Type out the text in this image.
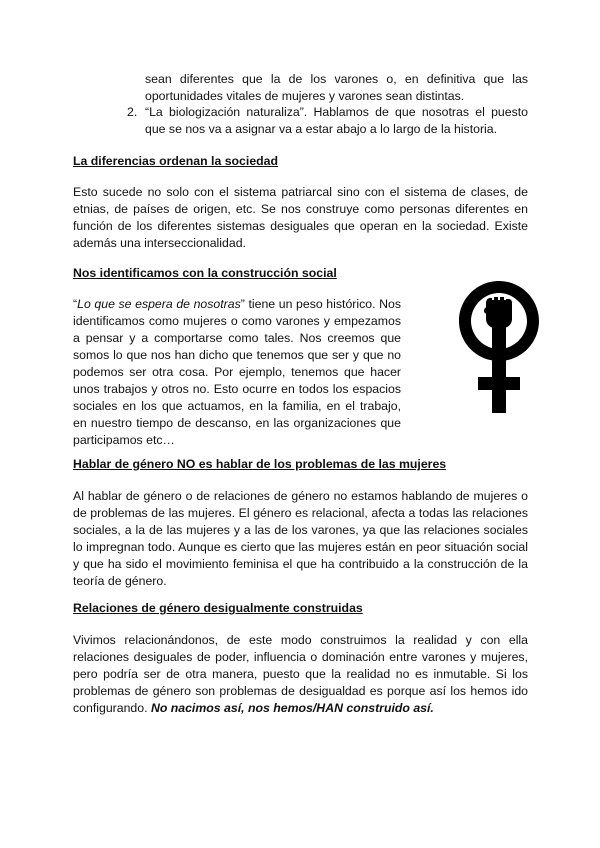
sean diferentes que la de los varones o, en definitiva que las oportunidades vitales de mujeres y varones sean distintas.

2. “La biologización naturaliza”. Hablamos de que nosotras el puesto que se nos va a asignar va a estar abajo a lo largo de la historia.

La diferencias ordenan la sociedad

Esto sucede no solo con el sistema patriarcal sino con el sistema de clases, de etnias, de países de origen, etc. Se nos construye como personas diferentes en función de los diferentes sistemas desiguales que operan en la sociedad. Existe además una interseccionalidad.

Nos identificamos con la construcción social

“Lo que se espera de nosotras” tiene un peso histórico. Nos identificamos como mujeres o como varones y empezamos a pensar y a comportarse como tales. Nos creemos que somos lo que nos han dicho que tenemos que ser y que no podemos ser otra cosa. Por ejemplo, tenemos que hacer unos trabajos y otros no. Esto ocurre en todos los espacios sociales en los que actuamos, en la familia, en el trabajo, en nuestro tiempo de descanso, en las organizaciones que participamos etc…

Hablar de género NO es hablar de los problemas de las mujeres

Al hablar de género o de relaciones de género no estamos hablando de mujeres o de problemas de las mujeres. El género es relacional, afecta a todas las relaciones sociales, a la de las mujeres y a las de los varones, ya que las relaciones sociales lo impregnan todo. Aunque es cierto que las mujeres están en peor situación social y que ha sido el movimiento feminisa el que ha contribuido a la construcción de la teoría de género.

Relaciones de género desigualmente construidas

Vivimos relacionándonos, de este modo construimos la realidad y con ella relaciones desiguales de poder, influencia o dominación entre varones y mujeres, pero podría ser de otra manera, puesto que la realidad no es inmutable. Si los problemas de género son problemas de desigualdad es porque así los hemos ido configurando. No nacimos así, nos hemos/HAN construido así.
